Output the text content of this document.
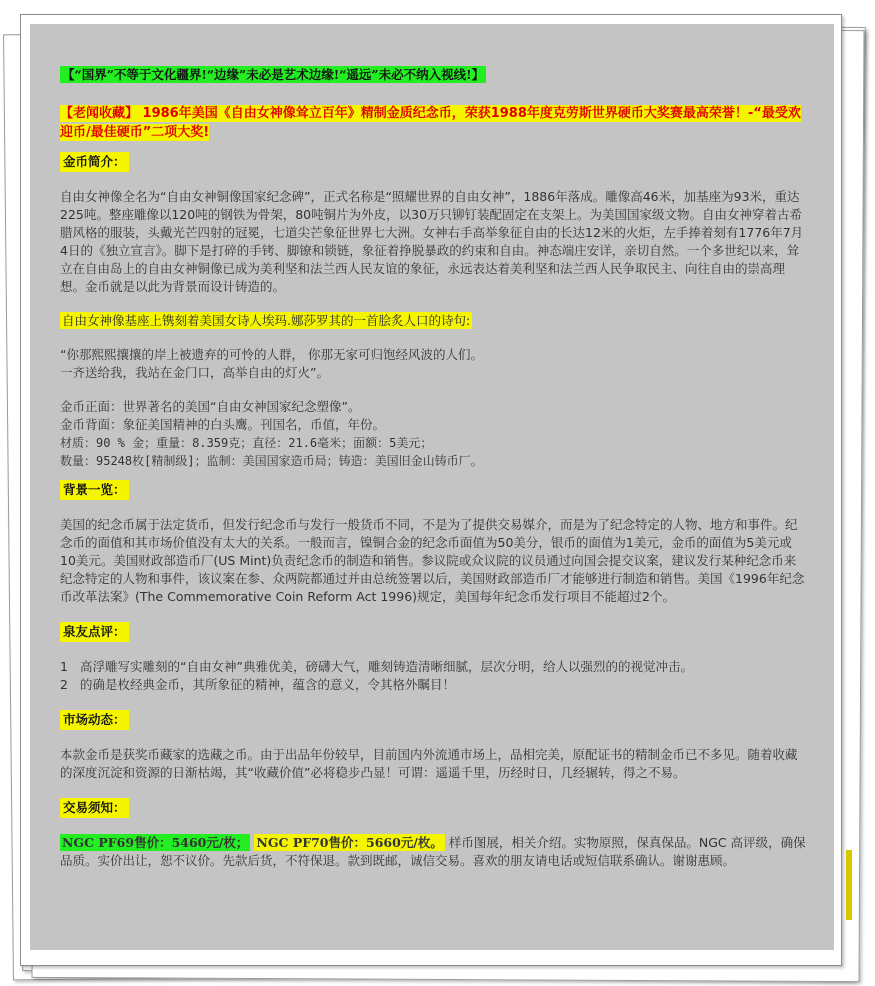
【“国界”不等于文化疆界!“边缘”未必是艺术边缘!“遥远”未必不纳入视线!】

【老闻收藏】 1986年美国《自由女神像耸立百年》精制金质纪念币，荣获1988年度克劳斯世界硬币大奖赛最高荣誉！-“最受欢迎币/最佳硬币”二项大奖!

金币简介：

自由女神像全名为“自由女神铜像国家纪念碑”，正式名称是“照耀世界的自由女神”，1886年落成。雕像高46米，加基座为93米，重达225吨。整座雕像以120吨的钢铁为骨架，80吨铜片为外皮，以30万只铆钉装配固定在支架上。为美国国家级文物。自由女神穿着古希腊风格的服装，头戴光芒四射的冠冕，七道尖芒象征世界七大洲。女神右手高举象征自由的长达12米的火炬，左手捧着刻有1776年7月4日的《独立宣言》。脚下是打碎的手铐、脚镣和锁链，象征着挣脱暴政的约束和自由。神态端庄安详，亲切自然。一个多世纪以来，耸立在自由岛上的自由女神铜像已成为美利坚和法兰西人民友谊的象征，永远表达着美利坚和法兰西人民争取民主、向往自由的崇高理想。金币就是以此为背景而设计铸造的。

自由女神像基座上镌刻着美国女诗人埃玛.娜莎罗其的一首脍炙人口的诗句:

“你那熙熙攘攘的岸上被遗弃的可怜的人群， 你那无家可归饱经风波的人们。

一齐送给我，我站在金门口，高举自由的灯火”。

金币正面：世界著名的美国“自由女神国家纪念塑像”。

金币背面：象征美国精神的白头鹰。刊国名，币值，年份。

材质：90 % 金；重量：8.359克；直径：21.6毫米；面额：5美元；

数量：95248枚[精制级]；监制：美国国家造币局；铸造：美国旧金山铸币厂。

背景一览：

美国的纪念币属于法定货币，但发行纪念币与发行一般货币不同，不是为了提供交易媒介，而是为了纪念特定的人物、地方和事件。纪念币的面值和其市场价值没有太大的关系。一般而言，镍铜合金的纪念币面值为50美分，银币的面值为1美元，金币的面值为5美元或10美元。美国财政部造币厂(US Mint)负责纪念币的制造和销售。参议院或众议院的议员通过向国会提交议案，建议发行某种纪念币来纪念特定的人物和事件，该议案在参、众两院都通过并由总统签署以后，美国财政部造币厂才能够进行制造和销售。美国《1996年纪念币改革法案》(The Commemorative Coin Reform Act 1996)规定，美国每年纪念币发行项目不能超过2个。

泉友点评：

1 高浮雕写实雕刻的“自由女神”典雅优美，磅礴大气，雕刻铸造清晰细腻，层次分明，给人以强烈的的视觉冲击。

2 的确是枚经典金币，其所象征的精神，蕴含的意义，令其格外瞩目！

市场动态：

本款金币是获奖币藏家的选藏之币。由于出品年份较早，目前国内外流通市场上，品相完美，原配证书的精制金币已不多见。随着收藏的深度沉淀和资源的日渐枯竭，其“收藏价值”必将稳步凸显！可谓：遥遥千里，历经时日，几经辗转，得之不易。

交易须知：

NGC PF69售价：5460元/枚； NGC PF70售价：5660元/枚。 样币图展，相关介绍。实物原照，保真保品。NGC 高评级，确保品质。实价出让，恕不议价。先款后货，不符保退。款到既邮，诚信交易。喜欢的朋友请电话或短信联系确认。谢谢惠顾。
